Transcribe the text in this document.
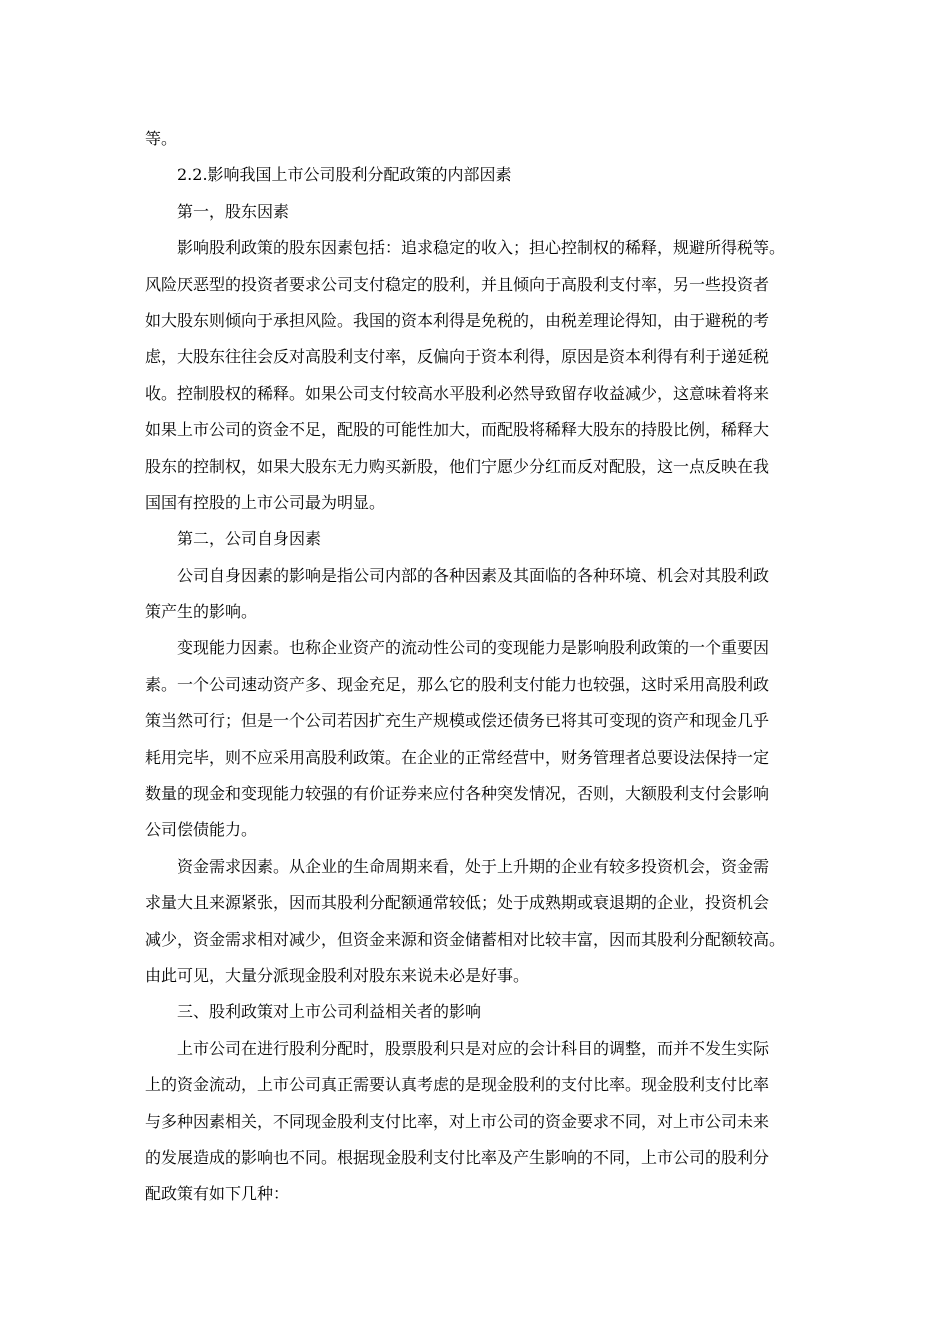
等。

2.2.影响我国上市公司股利分配政策的内部因素

第一，股东因素

影响股利政策的股东因素包括：追求稳定的收入；担心控制权的稀释，规避所得税等。

风险厌恶型的投资者要求公司支付稳定的股利，并且倾向于高股利支付率，另一些投资者

如大股东则倾向于承担风险。我国的资本利得是免税的，由税差理论得知，由于避税的考

虑，大股东往往会反对高股利支付率，反偏向于资本利得，原因是资本利得有利于递延税

收。控制股权的稀释。如果公司支付较高水平股利必然导致留存收益减少，这意味着将来

如果上市公司的资金不足，配股的可能性加大，而配股将稀释大股东的持股比例，稀释大

股东的控制权，如果大股东无力购买新股，他们宁愿少分红而反对配股，这一点反映在我

国国有控股的上市公司最为明显。

第二，公司自身因素

公司自身因素的影响是指公司内部的各种因素及其面临的各种环境、机会对其股利政

策产生的影响。

变现能力因素。也称企业资产的流动性公司的变现能力是影响股利政策的一个重要因

素。一个公司速动资产多、现金充足，那么它的股利支付能力也较强，这时采用高股利政

策当然可行；但是一个公司若因扩充生产规模或偿还债务已将其可变现的资产和现金几乎

耗用完毕，则不应采用高股利政策。在企业的正常经营中，财务管理者总要设法保持一定

数量的现金和变现能力较强的有价证券来应付各种突发情况，否则，大额股利支付会影响

公司偿债能力。

资金需求因素。从企业的生命周期来看，处于上升期的企业有较多投资机会，资金需

求量大且来源紧张，因而其股利分配额通常较低；处于成熟期或衰退期的企业，投资机会

减少，资金需求相对减少，但资金来源和资金储蓄相对比较丰富，因而其股利分配额较高。

由此可见，大量分派现金股利对股东来说未必是好事。

三、股利政策对上市公司利益相关者的影响

上市公司在进行股利分配时，股票股利只是对应的会计科目的调整，而并不发生实际

上的资金流动，上市公司真正需要认真考虑的是现金股利的支付比率。现金股利支付比率

与多种因素相关，不同现金股利支付比率，对上市公司的资金要求不同，对上市公司未来

的发展造成的影响也不同。根据现金股利支付比率及产生影响的不同，上市公司的股利分

配政策有如下几种：
